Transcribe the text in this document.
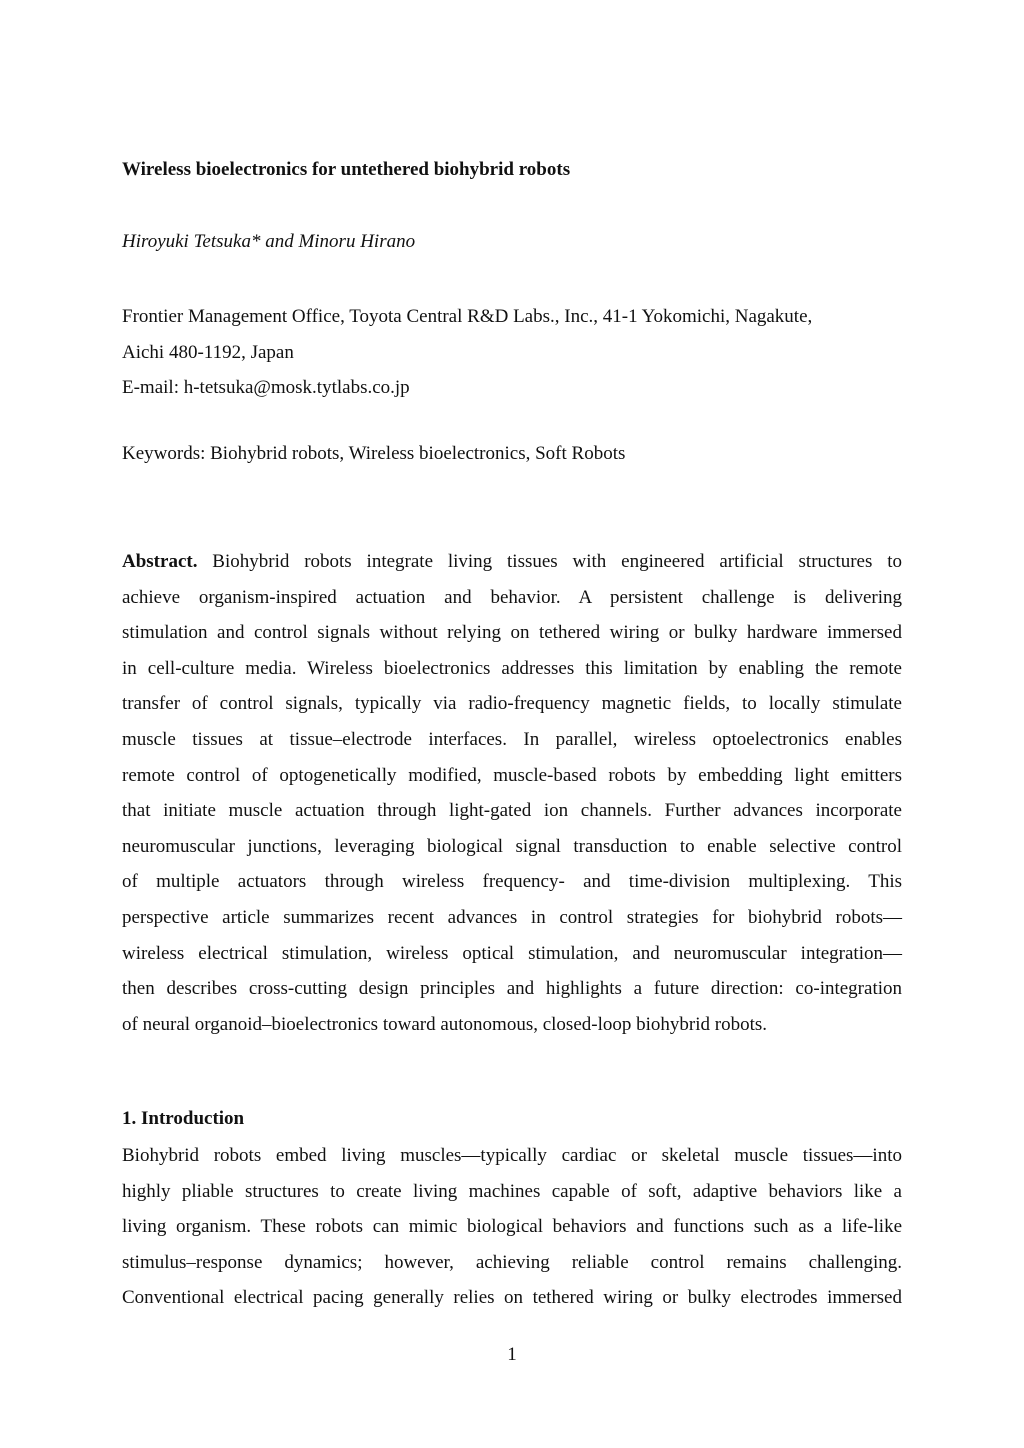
Wireless bioelectronics for untethered biohybrid robots

Hiroyuki Tetsuka* and Minoru Hirano

Frontier Management Office, Toyota Central R&D Labs., Inc., 41-1 Yokomichi, Nagakute,
Aichi 480-1192, Japan
E-mail: h-tetsuka@mosk.tytlabs.co.jp

Keywords: Biohybrid robots, Wireless bioelectronics, Soft Robots

Abstract. Biohybrid robots integrate living tissues with engineered artificial structures to
achieve organism-inspired actuation and behavior. A persistent challenge is delivering
stimulation and control signals without relying on tethered wiring or bulky hardware immersed
in cell-culture media. Wireless bioelectronics addresses this limitation by enabling the remote
transfer of control signals, typically via radio-frequency magnetic fields, to locally stimulate
muscle tissues at tissue–electrode interfaces. In parallel, wireless optoelectronics enables
remote control of optogenetically modified, muscle-based robots by embedding light emitters
that initiate muscle actuation through light-gated ion channels. Further advances incorporate
neuromuscular junctions, leveraging biological signal transduction to enable selective control
of multiple actuators through wireless frequency- and time-division multiplexing. This
perspective article summarizes recent advances in control strategies for biohybrid robots—
wireless electrical stimulation, wireless optical stimulation, and neuromuscular integration—
then describes cross-cutting design principles and highlights a future direction: co-integration
of neural organoid–bioelectronics toward autonomous, closed-loop biohybrid robots.
1. Introduction
Biohybrid robots embed living muscles—typically cardiac or skeletal muscle tissues—into
highly pliable structures to create living machines capable of soft, adaptive behaviors like a
living organism. These robots can mimic biological behaviors and functions such as a life-like
stimulus–response dynamics; however, achieving reliable control remains challenging.
Conventional electrical pacing generally relies on tethered wiring or bulky electrodes immersed

1
